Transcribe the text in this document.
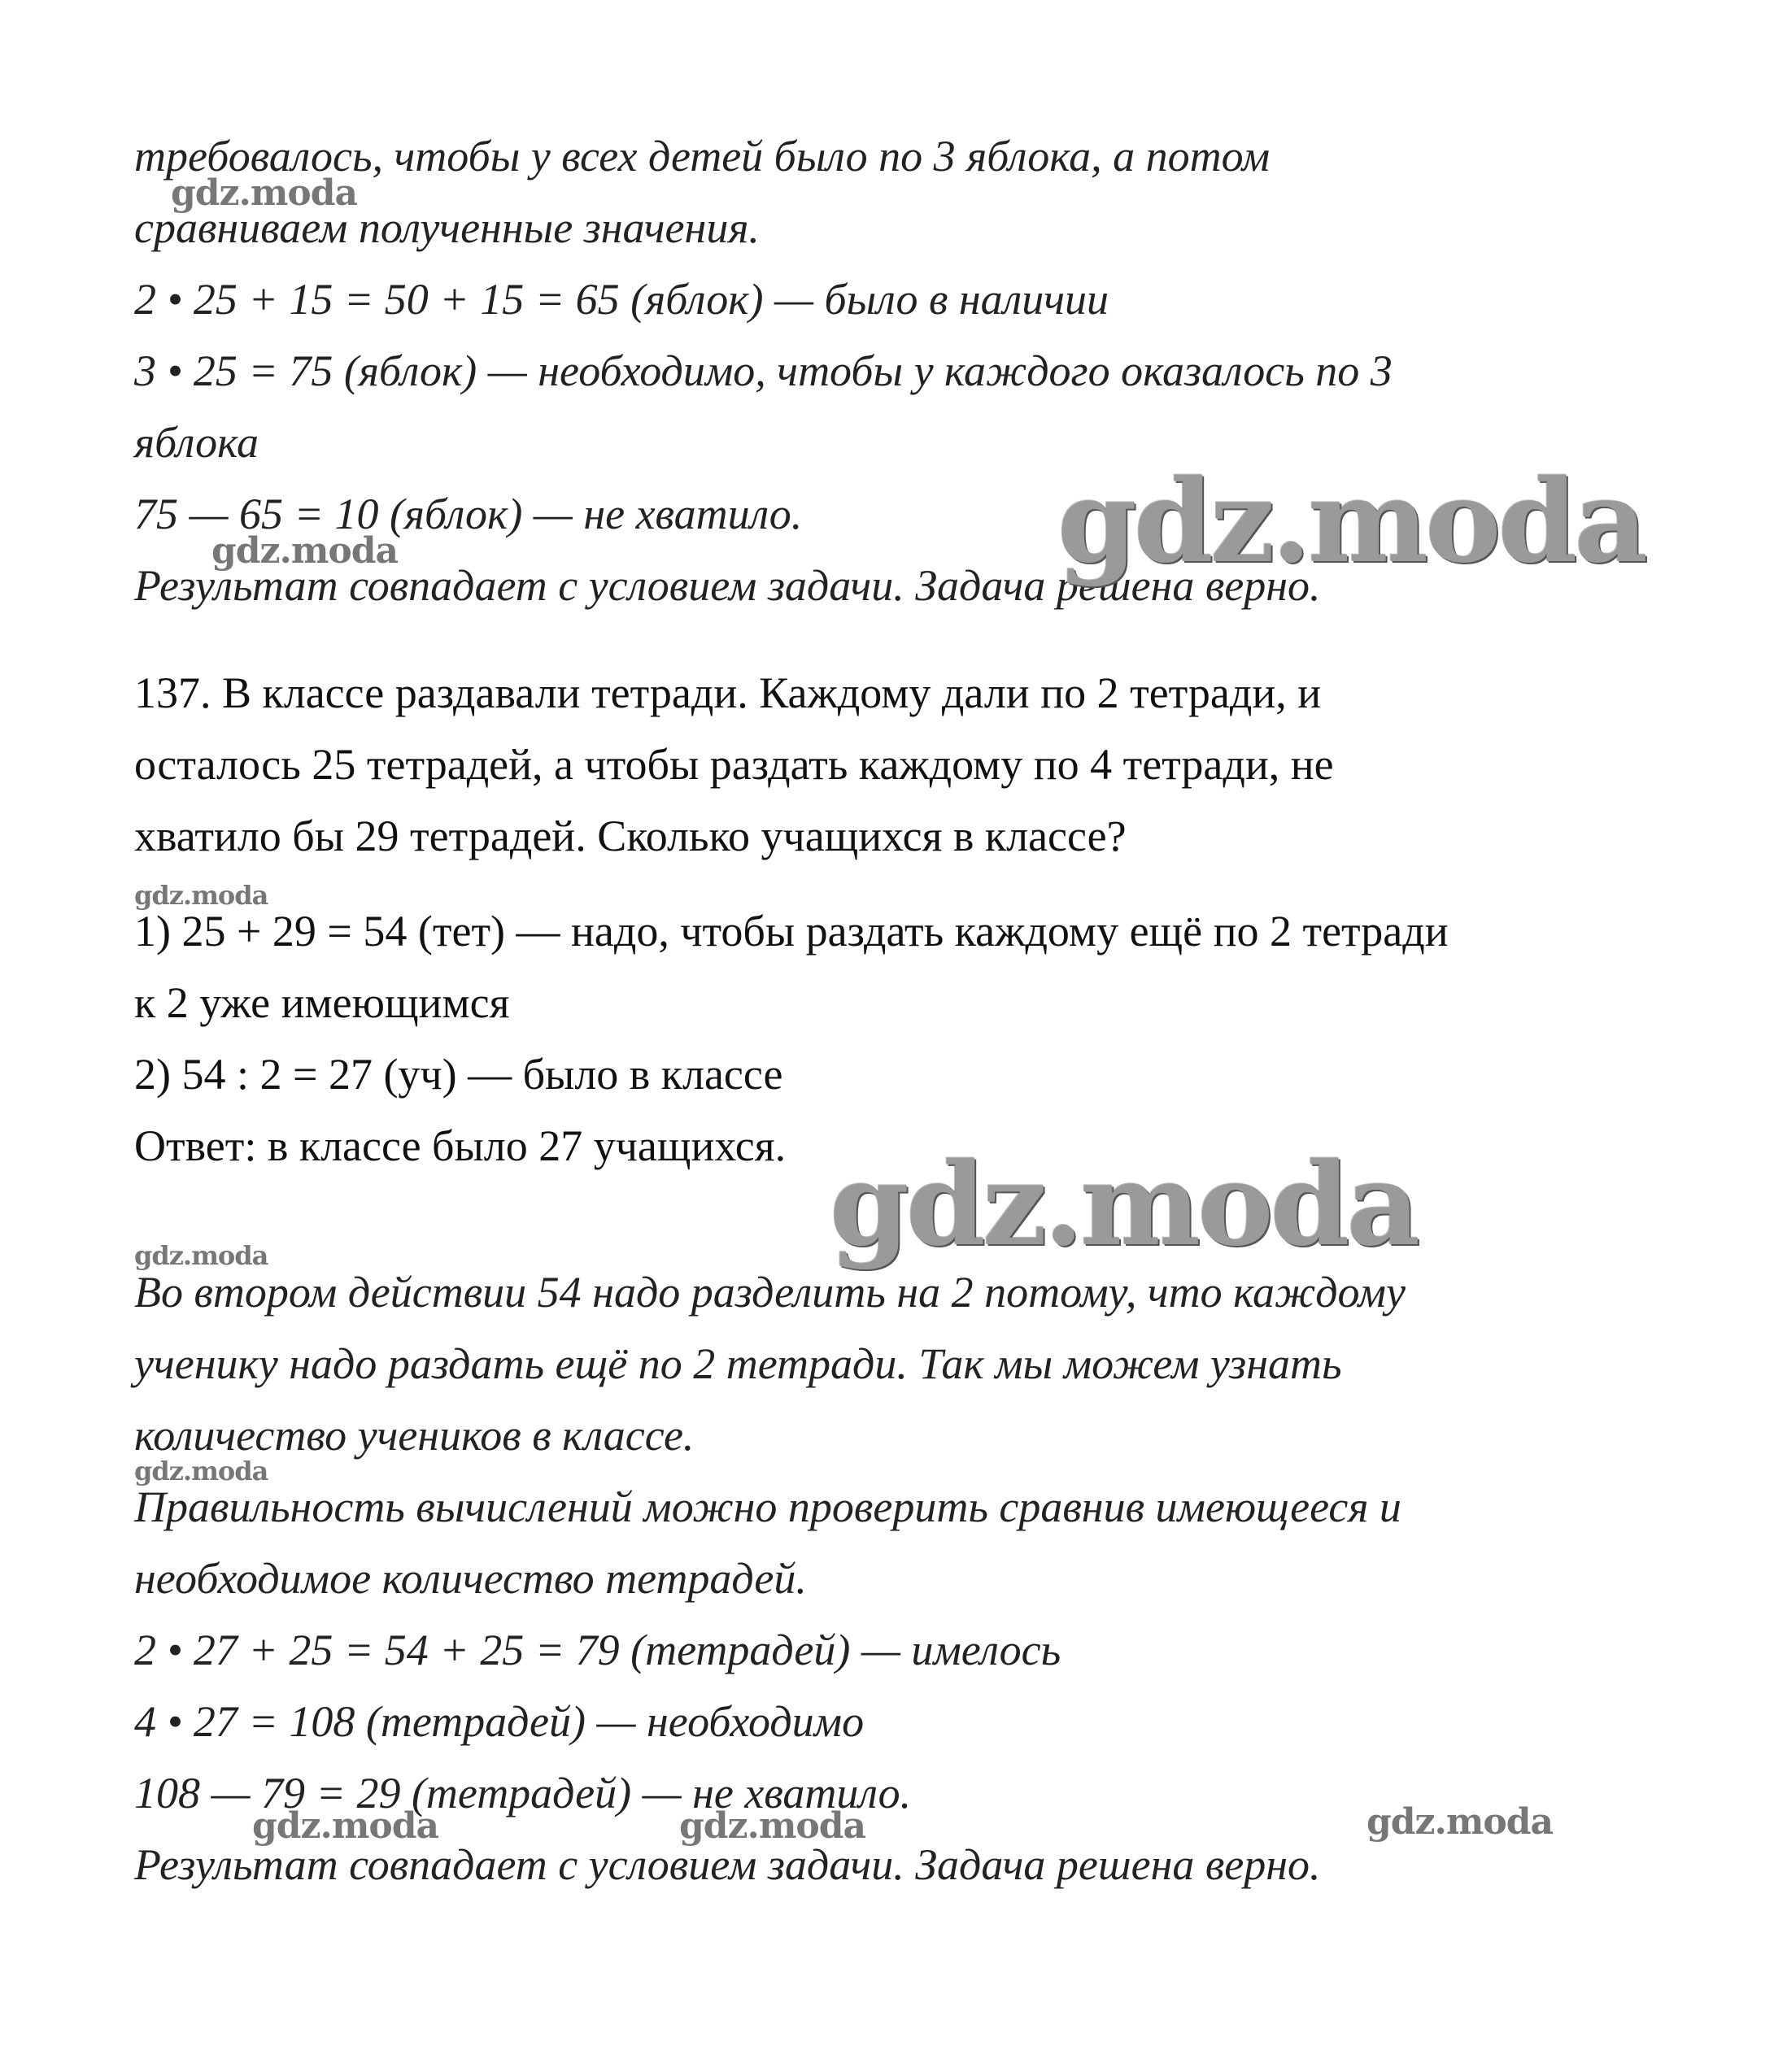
требовалось, чтобы у всех детей было по 3 яблока, а потом
сравниваем полученные значения.
2 • 25 + 15 = 50 + 15 = 65 (яблок) — было в наличии
3 • 25 = 75 (яблок) — необходимо, чтобы у каждого оказалось по 3
яблока
75 — 65 = 10 (яблок) — не хватило.
Результат совпадает с условием задачи. Задача решена верно.
137. В классе раздавали тетради. Каждому дали по 2 тетради, и
осталось 25 тетрадей, а чтобы раздать каждому по 4 тетради, не
хватило бы 29 тетрадей. Сколько учащихся в классе?
1) 25 + 29 = 54 (тет) — надо, чтобы раздать каждому ещё по 2 тетради
к 2 уже имеющимся
2) 54 : 2 = 27 (уч) — было в классе
Ответ: в классе было 27 учащихся.
Во втором действии 54 надо разделить на 2 потому, что каждому
ученику надо раздать ещё по 2 тетради. Так мы можем узнать
количество учеников в классе.
Правильность вычислений можно проверить сравнив имеющееся и
необходимое количество тетрадей.
2 • 27 + 25 = 54 + 25 = 79 (тетрадей) — имелось
4 • 27 = 108 (тетрадей) — необходимо
108 — 79 = 29 (тетрадей) — не хватило.
Результат совпадает с условием задачи. Задача решена верно.
gdz.moda
gdz.moda
gdz.moda
gdz.moda
gdz.moda
gdz.moda
gdz.moda
gdz.moda	gdz.moda	gdz.moda
